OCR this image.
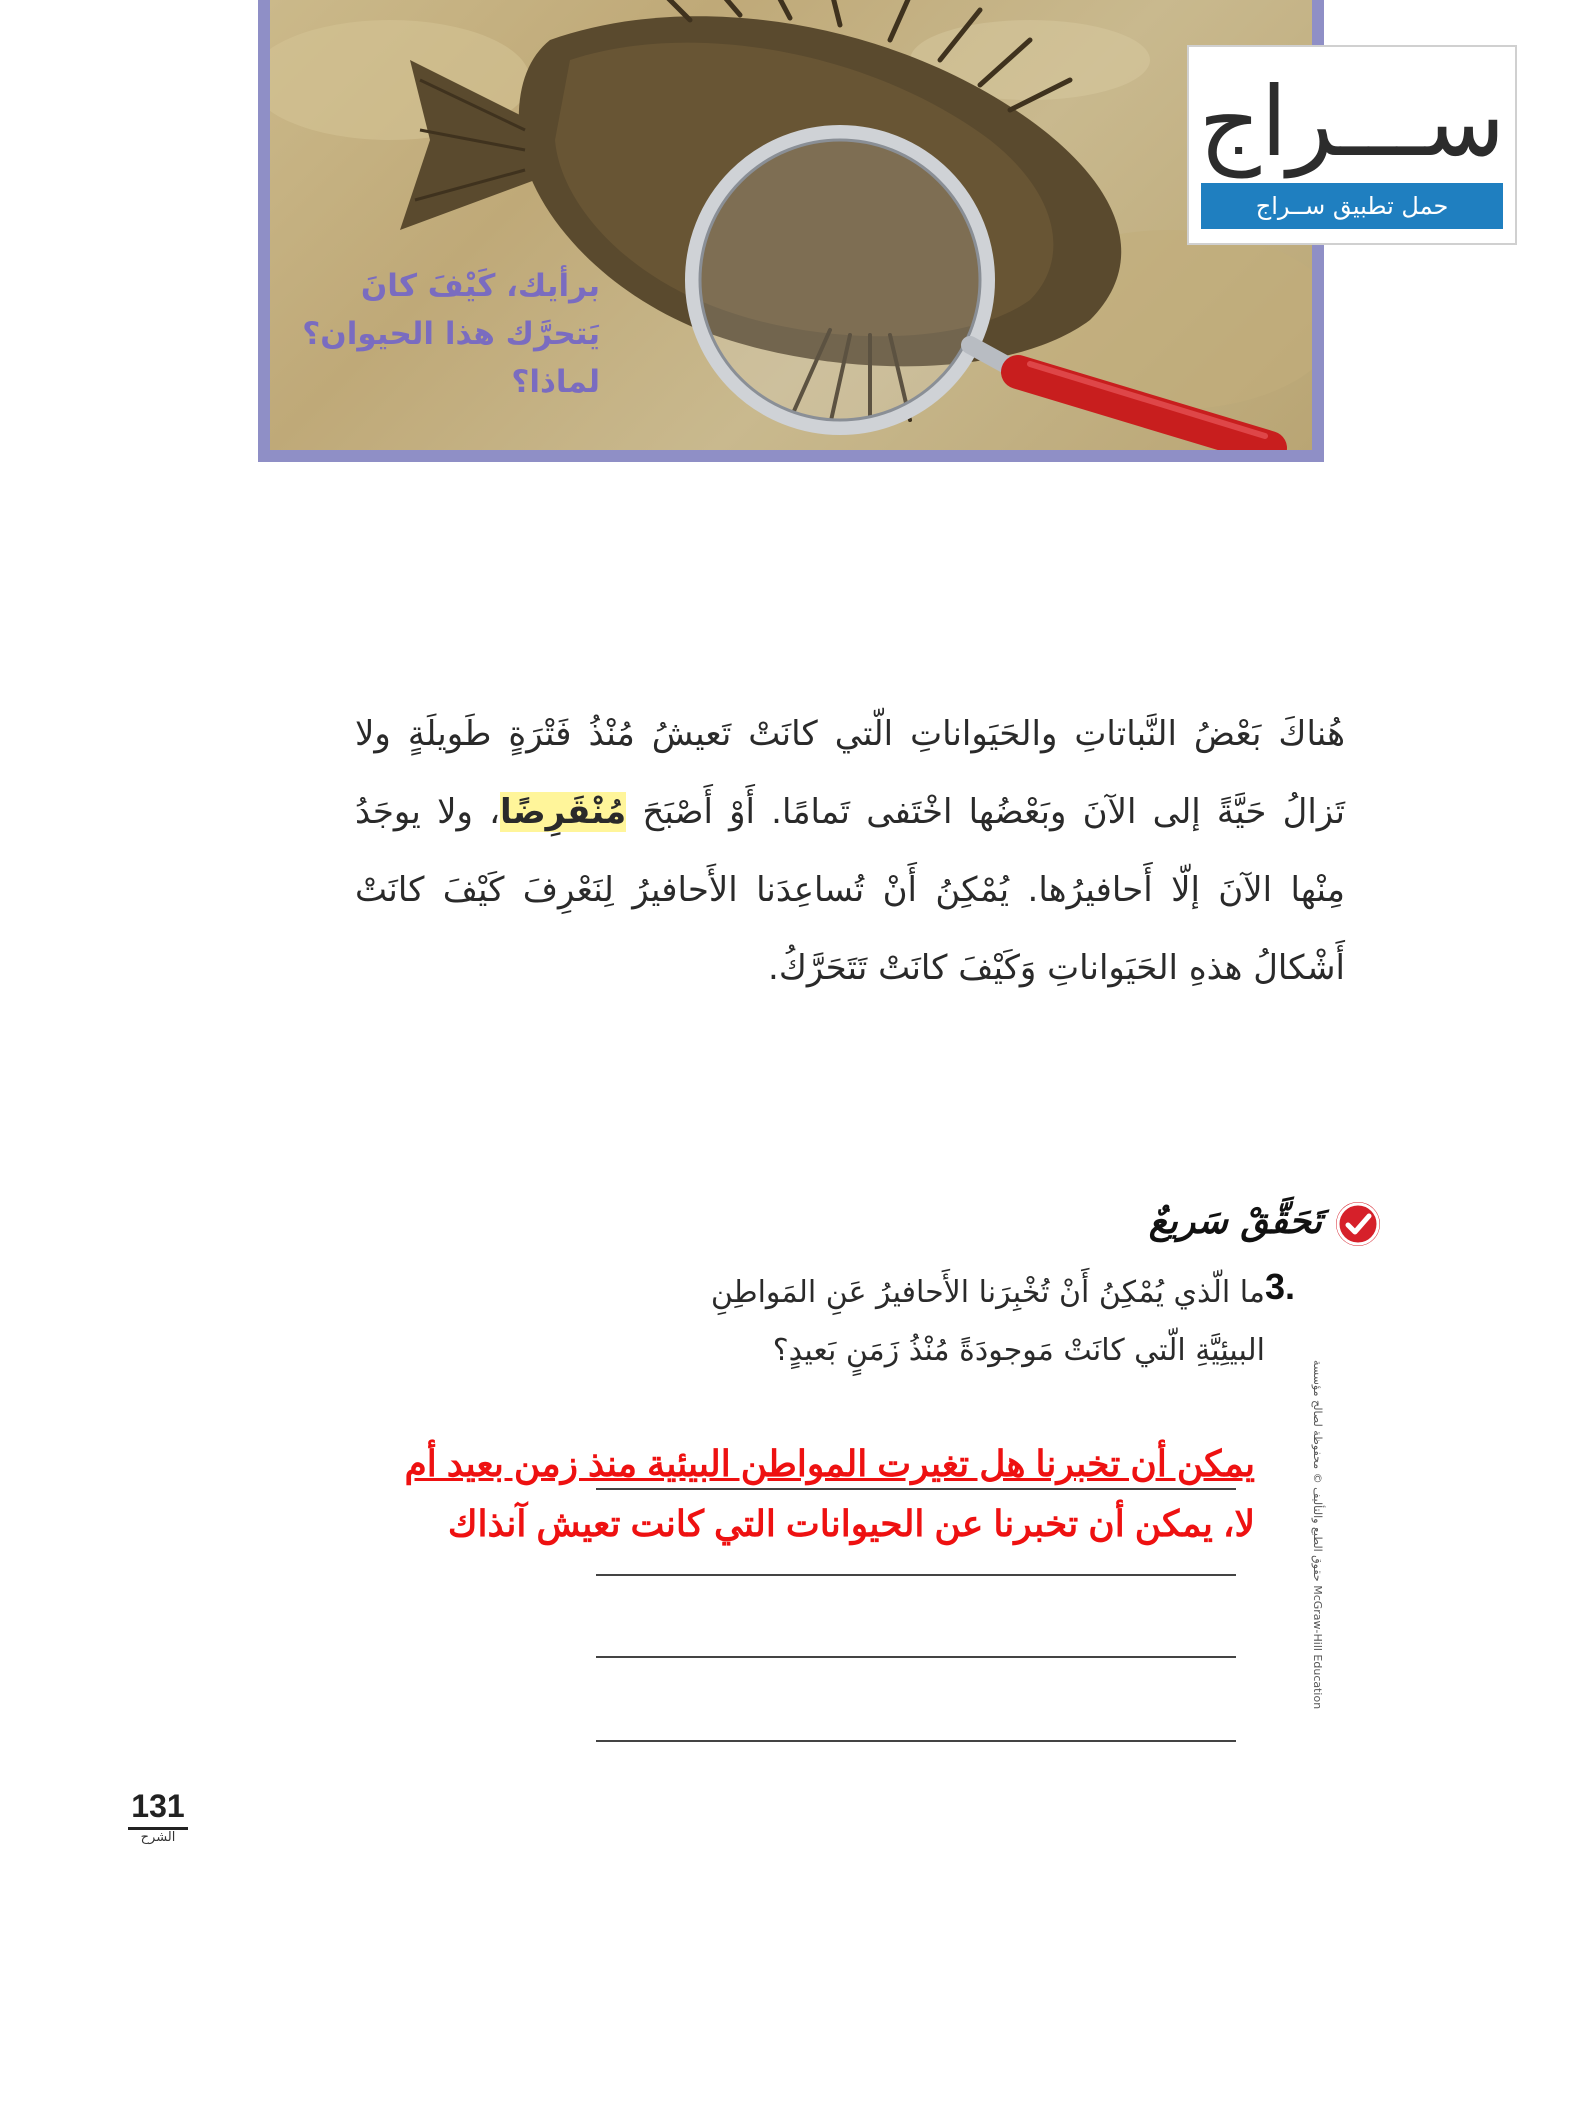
برأيك، كَيْفَ كانَ يَتحرَّك هذا الحيوان؟ لماذا؟
ســـراج
حمل تطبيق ســراج
هُناكَ بَعْضُ النَّباتاتِ والحَيَواناتِ الّتي كانَتْ تَعيشُ مُنْذُ فَتْرَةٍ طَويلَةٍ ولا تَزالُ حَيَّةً إلى الآنَ وبَعْضُها اخْتَفى تَمامًا. أَوْ أَصْبَحَ مُنْقَرِضًا، ولا يوجَدُ مِنْها الآنَ إلّا أَحافيرُها. يُمْكِنُ أَنْ تُساعِدَنا الأَحافيرُ لِنَعْرِفَ كَيْفَ كانَتْ أَشْكالُ هذهِ الحَيَواناتِ وَكَيْفَ كانَتْ تَتَحَرَّكُ.
تَحَقَّقْ سَريعٌ
3.
ما الّذي يُمْكِنُ أَنْ تُخْبِرَنا الأَحافيرُ عَنِ المَواطِنِ البيئِيَّةِ الّتي كانَتْ مَوجودَةً مُنْذُ زَمَنٍ بَعيدٍ؟
يمكن أن تخبرنا هل تغيرت المواطن البيئية منذ زمن بعيد أم
لا، يمكن أن تخبرنا عن الحيوانات التي كانت تعيش آنذاك	حقوق الطبع والتأليف © محفوظة لصالح مؤسسة McGraw-Hill Education
131
الشرح
